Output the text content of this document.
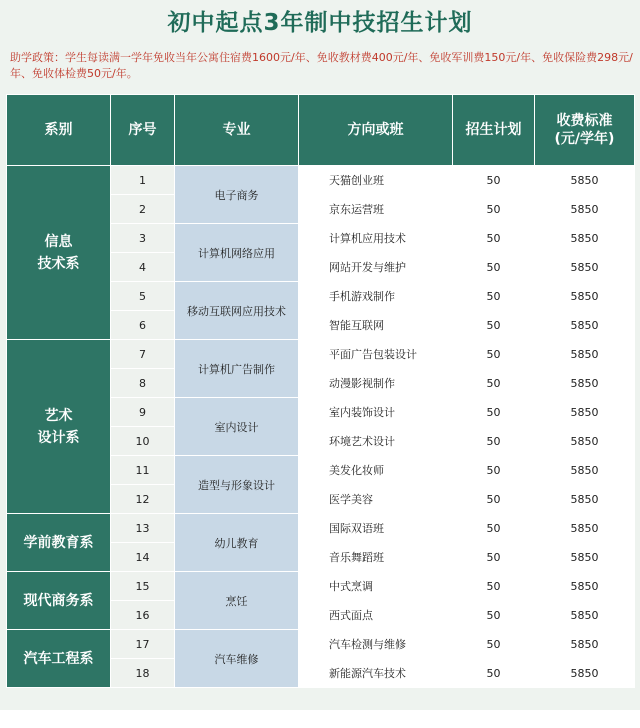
初中起点3年制中技招生计划
助学政策：学生每读满一学年免收当年公寓住宿费1600元/年、免收教材费400元/年、免收军训费150元/年、免收保险费298元/年、免收体检费50元/年。
系别	序号	专业	方向或班	招生计划	收费标准
(元/学年)

信息
技术系	1	电子商务	天猫创业班	50	5850
	2		京东运营班	50	5850
	3	计算机网络应用	计算机应用技术	50	5850
	4		网站开发与维护	50	5850
	5	移动互联网应用技术	手机游戏制作	50	5850
	6		智能互联网	50	5850

艺术
设计系	7	计算机广告制作	平面广告包装设计	50	5850
	8		动漫影视制作	50	5850
	9	室内设计	室内装饰设计	50	5850
	10		环境艺术设计	50	5850
	11	造型与形象设计	美发化妆师	50	5850
	12		医学美容	50	5850
学前教育系	13	幼儿教育	国际双语班	50	5850
	14		音乐舞蹈班	50	5850
现代商务系	15	烹饪	中式烹调	50	5850
	16		西式面点	50	5850
汽车工程系	17	汽车维修	汽车检测与维修	50	5850
	18		新能源汽车技术	50	5850
